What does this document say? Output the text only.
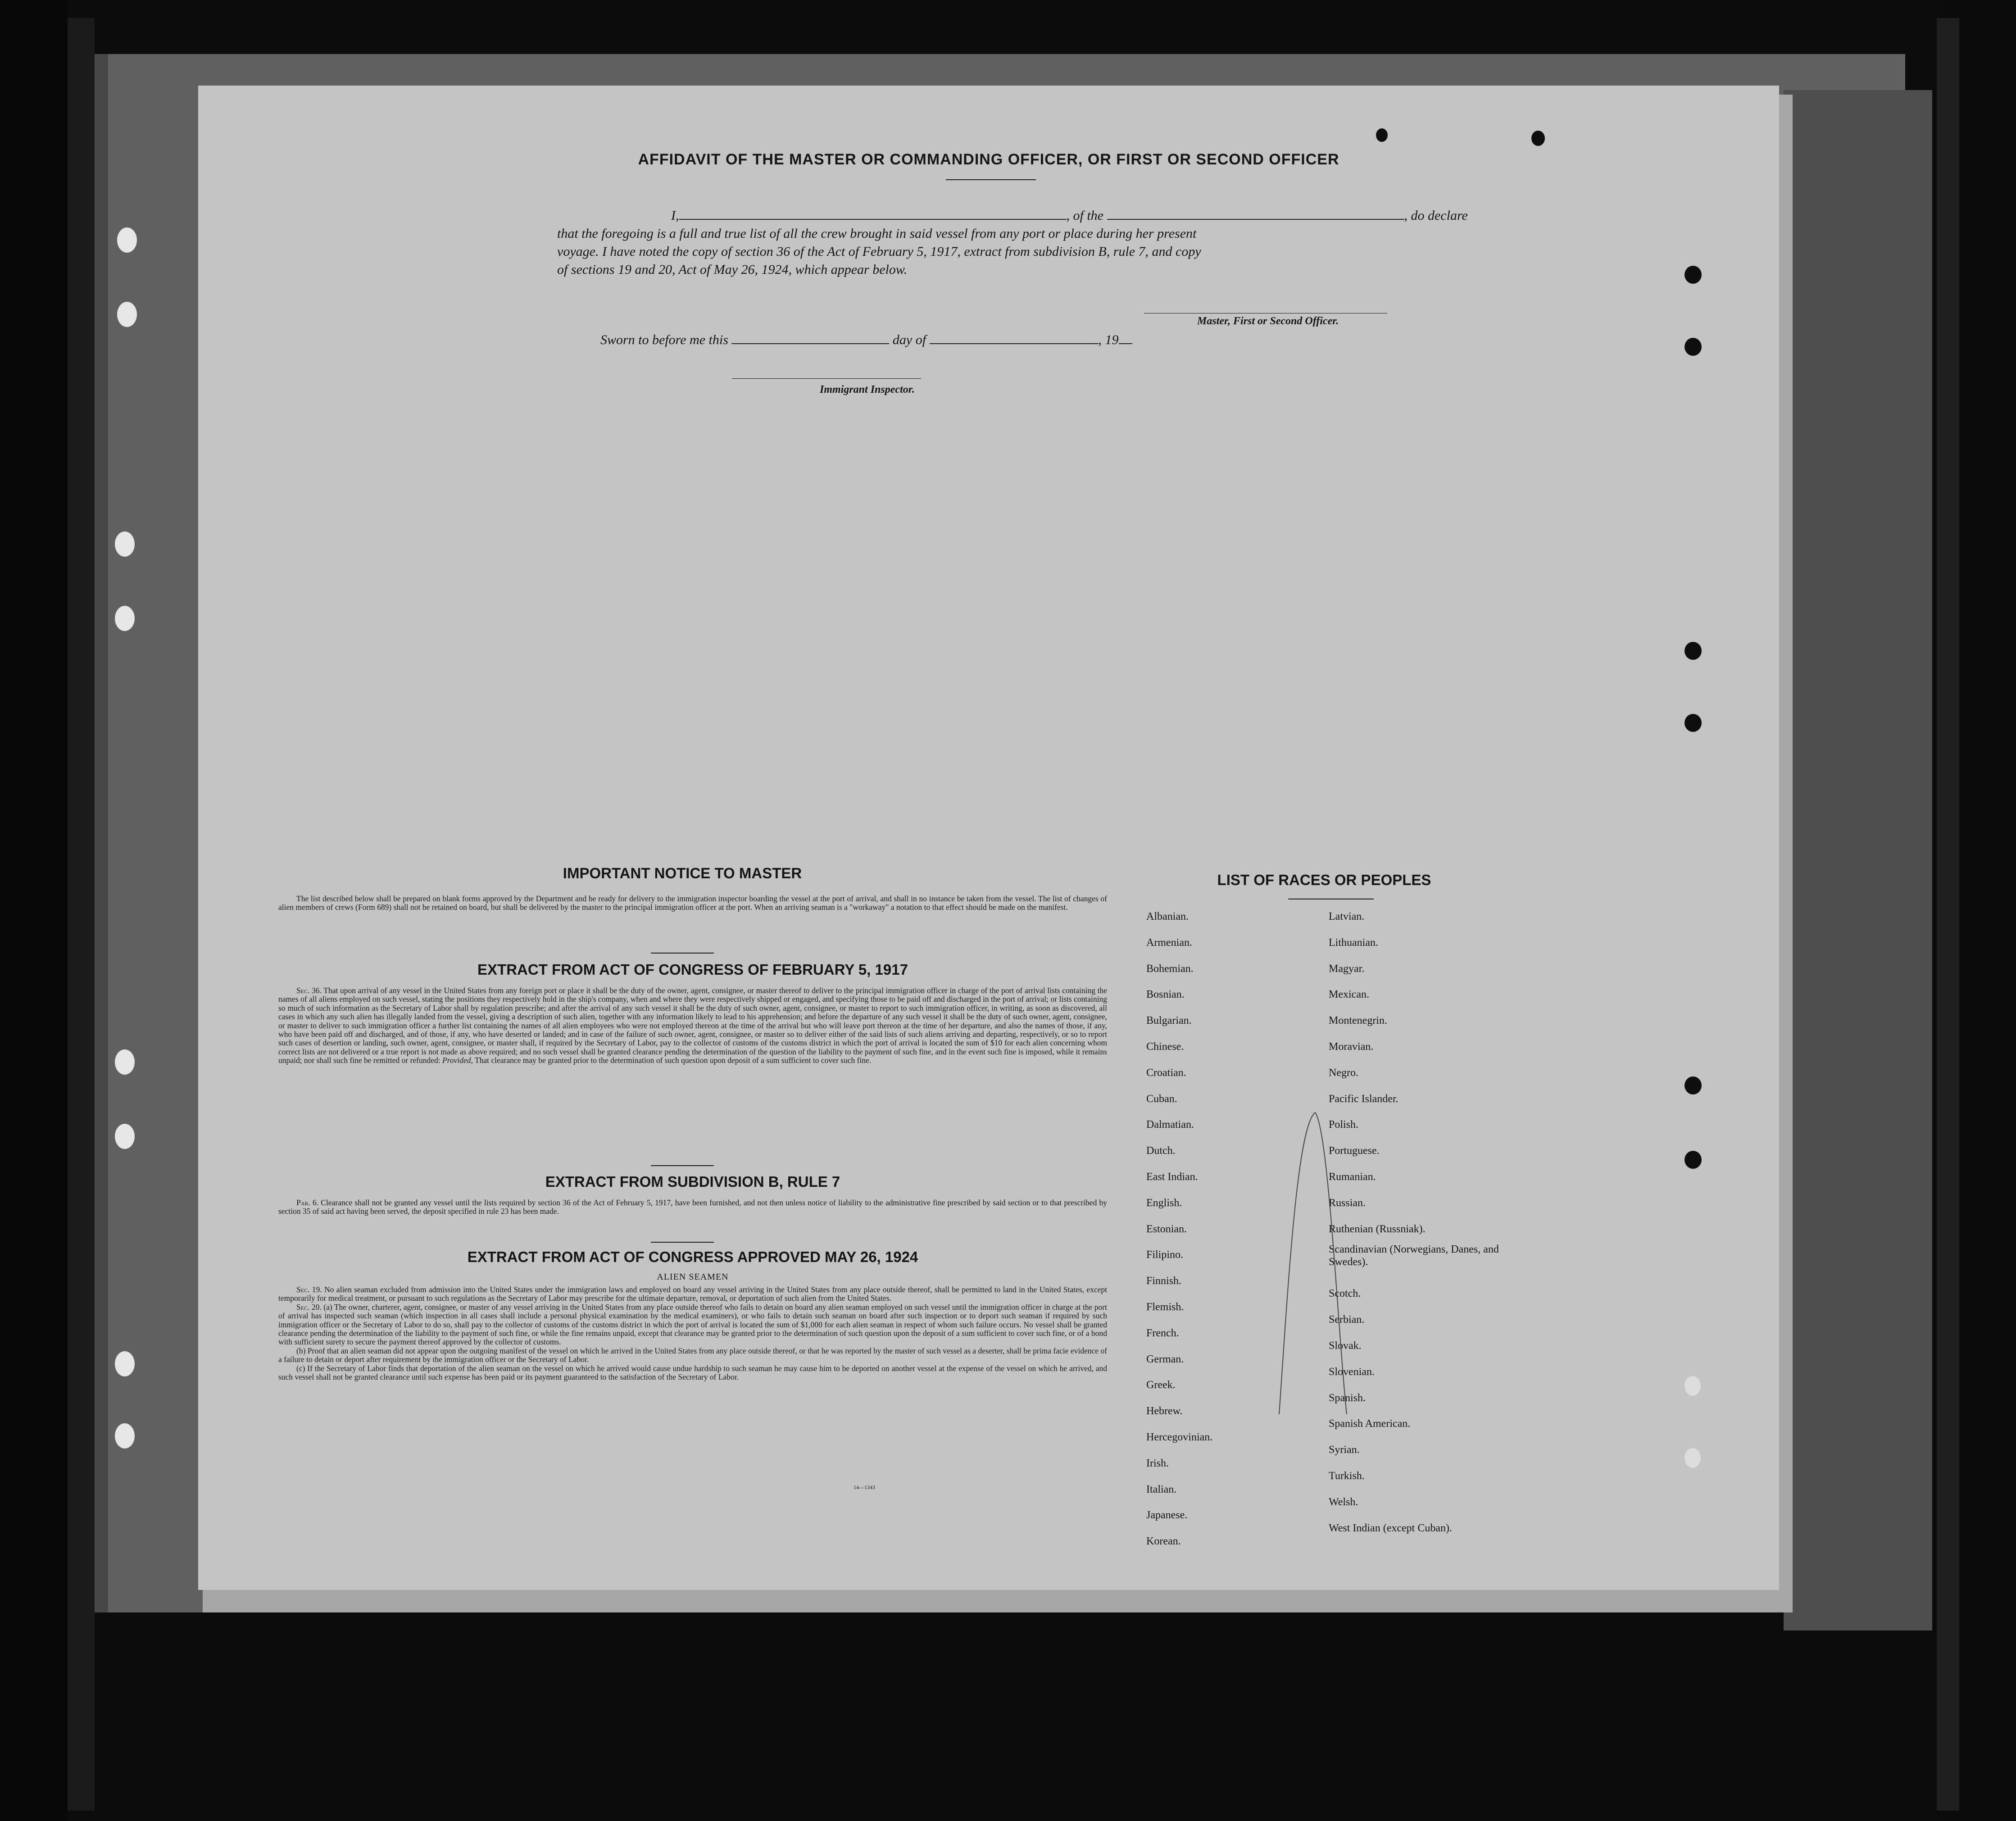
AFFIDAVIT OF THE MASTER OR COMMANDING OFFICER, OR FIRST OR SECOND OFFICER
I,	, of the	, do declare
that the foregoing is a full and true list of all the crew brought in said vessel from any port or place during her present
voyage. I have noted the copy of section 36 of the Act of February 5, 1917, extract from subdivision B, rule 7, and copy
of sections 19 and 20, Act of May 26, 1924, which appear below.
Master, First or Second Officer.
Sworn to before me this	day of	, 19
Immigrant Inspector.
IMPORTANT NOTICE TO MASTER

The list described below shall be prepared on blank forms approved by the Department and be ready for delivery to the immigration inspector boarding the vessel at the port of arrival, and shall in no instance be taken from the vessel. The list of changes of alien members of crews (Form 689) shall not be retained on board, but shall be delivered by the master to the principal immigration officer at the port. When an arriving seaman is a "workaway" a notation to that effect should be made on the manifest.

EXTRACT FROM ACT OF CONGRESS OF FEBRUARY 5, 1917

Sec. 36. That upon arrival of any vessel in the United States from any foreign port or place it shall be the duty of the owner, agent, consignee, or master thereof to deliver to the principal immigration officer in charge of the port of arrival lists containing the names of all aliens employed on such vessel, stating the positions they respectively hold in the ship's company, when and where they were respectively shipped or engaged, and specifying those to be paid off and discharged in the port of arrival; or lists containing so much of such information as the Secretary of Labor shall by regulation prescribe; and after the arrival of any such vessel it shall be the duty of such owner, agent, consignee, or master to report to such immigration officer, in writing, as soon as discovered, all cases in which any such alien has illegally landed from the vessel, giving a description of such alien, together with any information likely to lead to his apprehension; and before the departure of any such vessel it shall be the duty of such owner, agent, consignee, or master to deliver to such immigration officer a further list containing the names of all alien employees who were not employed thereon at the time of the arrival but who will leave port thereon at the time of her departure, and also the names of those, if any, who have been paid off and discharged, and of those, if any, who have deserted or landed; and in case of the failure of such owner, agent, consignee, or master so to deliver either of the said lists of such aliens arriving and departing, respectively, or so to report such cases of desertion or landing, such owner, agent, consignee, or master shall, if required by the Secretary of Labor, pay to the collector of customs of the customs district in which the port of arrival is located the sum of $10 for each alien concerning whom correct lists are not delivered or a true report is not made as above required; and no such vessel shall be granted clearance pending the determination of the question of the liability to the payment of such fine, and in the event such fine is imposed, while it remains unpaid; nor shall such fine be remitted or refunded: Provided, That clearance may be granted prior to the determination of such question upon deposit of a sum sufficient to cover such fine.

EXTRACT FROM SUBDIVISION B, RULE 7

Par. 6. Clearance shall not be granted any vessel until the lists required by section 36 of the Act of February 5, 1917, have been furnished, and not then unless notice of liability to the administrative fine prescribed by said section or to that prescribed by section 35 of said act having been served, the deposit specified in rule 23 has been made.

EXTRACT FROM ACT OF CONGRESS APPROVED MAY 26, 1924
ALIEN SEAMEN

Sec. 19. No alien seaman excluded from admission into the United States under the immigration laws and employed on board any vessel arriving in the United States from any place outside thereof, shall be permitted to land in the United States, except temporarily for medical treatment, or pursuant to such regulations as the Secretary of Labor may prescribe for the ultimate departure, removal, or deportation of such alien from the United States.

Sec. 20. (a) The owner, charterer, agent, consignee, or master of any vessel arriving in the United States from any place outside thereof who fails to detain on board any alien seaman employed on such vessel until the immigration officer in charge at the port of arrival has inspected such seaman (which inspection in all cases shall include a personal physical examination by the medical examiners), or who fails to detain such seaman on board after such inspection or to deport such seaman if required by such immigration officer or the Secretary of Labor to do so, shall pay to the collector of customs of the customs district in which the port of arrival is located the sum of $1,000 for each alien seaman in respect of whom such failure occurs. No vessel shall be granted clearance pending the determination of the liability to the payment of such fine, or while the fine remains unpaid, except that clearance may be granted prior to the determination of such question upon the deposit of a sum sufficient to cover such fine, or of a bond with sufficient surety to secure the payment thereof approved by the collector of customs.

(b) Proof that an alien seaman did not appear upon the outgoing manifest of the vessel on which he arrived in the United States from any place outside thereof, or that he was reported by the master of such vessel as a deserter, shall be prima facie evidence of a failure to detain or deport after requirement by the immigration officer or the Secretary of Labor.

(c) If the Secretary of Labor finds that deportation of the alien seaman on the vessel on which he arrived would cause undue hardship to such seaman he may cause him to be deported on another vessel at the expense of the vessel on which he arrived, and such vessel shall not be granted clearance until such expense has been paid or its payment guaranteed to the satisfaction of the Secretary of Labor.

14—1343
LIST OF RACES OR PEOPLES
Albanian.
Armenian.
Bohemian.
Bosnian.
Bulgarian.
Chinese.
Croatian.
Cuban.
Dalmatian.
Dutch.
East Indian.
English.
Estonian.
Filipino.
Finnish.
Flemish.
French.
German.
Greek.
Hebrew.
Hercegovinian.
Irish.
Italian.
Japanese.
Korean.
Latvian.
Lithuanian.
Magyar.
Mexican.
Montenegrin.
Moravian.
Negro.
Pacific Islander.
Polish.
Portuguese.
Rumanian.
Russian.
Ruthenian (Russniak).
Scandinavian (Norwegians, Danes, and Swedes).
Scotch.
Serbian.
Slovak.
Slovenian.
Spanish.
Spanish American.
Syrian.
Turkish.
Welsh.
West Indian (except Cuban).
